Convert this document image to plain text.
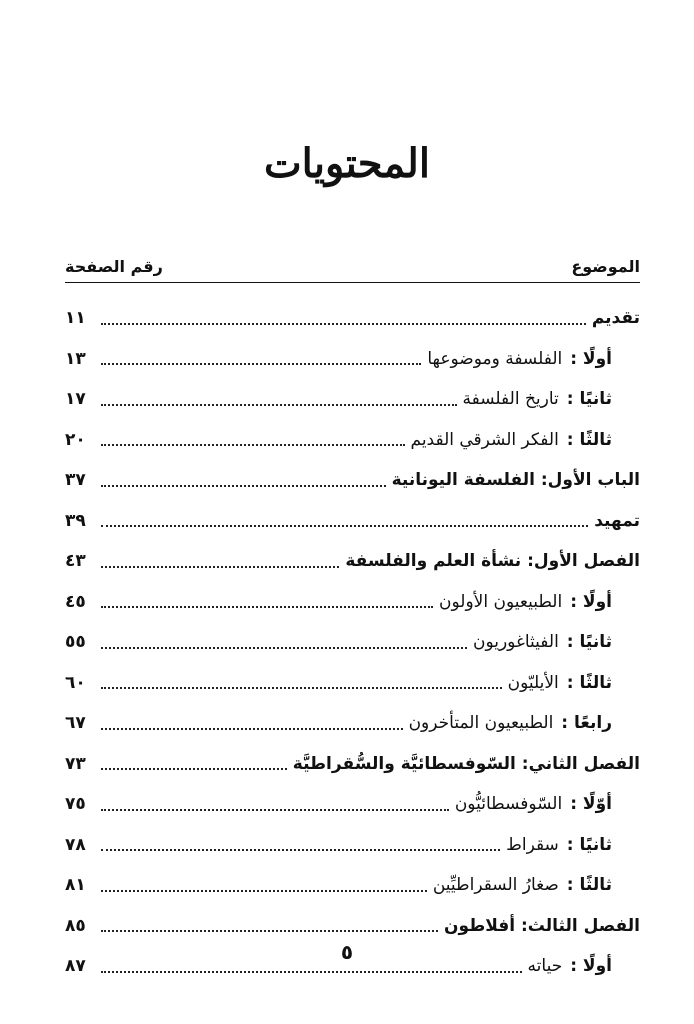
المحتويات
الموضوع
رقم الصفحة
تقديم
١١
أولًا :الفلسفة وموضوعها
١٣
ثانيًا :تاريخ الفلسفة
١٧
ثالثًا :الفكر الشرقي القديم
٢٠
الباب الأول: الفلسفة اليونانية
٣٧
تمهيد
٣٩
الفصل الأول: نشأة العلم والفلسفة
٤٣
أولًا :الطبيعيون الأولون
٤٥
ثانيًا :الفيثاغوريون
٥٥
ثالثًا :الأيليّون
٦٠
رابعًا :الطبيعيون المتأخرون
٦٧
الفصل الثاني: السّوفسطائيَّة والسُّقراطيَّة
٧٣
أوّلًا :السّوفسطائيُّون
٧٥
ثانيًا :سقراط
٧٨
ثالثًا :صغارُ السقراطيِّين
٨١
الفصل الثالث: أفلاطون
٨٥
أولًا :حياته
٨٧
٥
